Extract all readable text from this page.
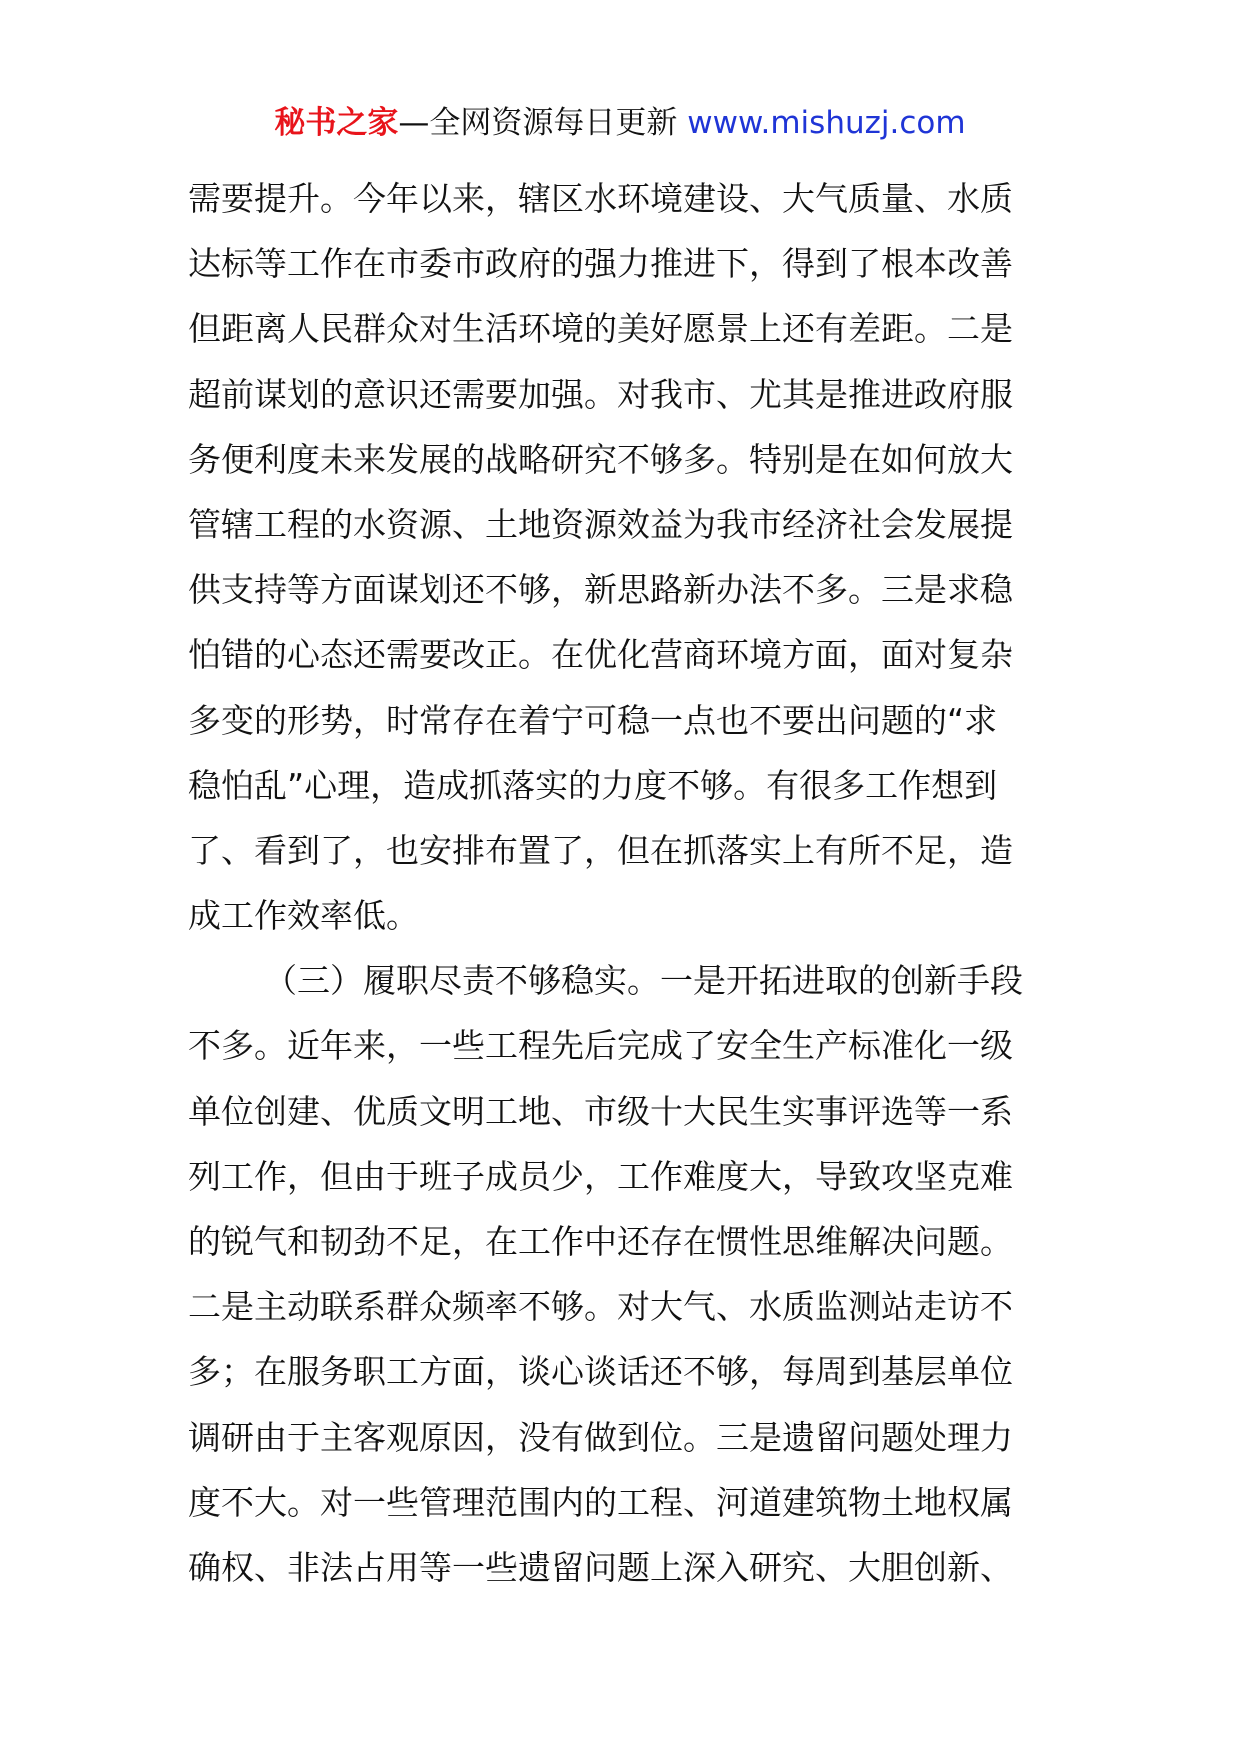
秘书之家—全网资源每日更新 www.mishuzj.com
需要提升。今年以来，辖区水环境建设、大气质量、水质
达标等工作在市委市政府的强力推进下，得到了根本改善
但距离人民群众对生活环境的美好愿景上还有差距。二是
超前谋划的意识还需要加强。对我市、尤其是推进政府服
务便利度未来发展的战略研究不够多。特别是在如何放大
管辖工程的水资源、土地资源效益为我市经济社会发展提
供支持等方面谋划还不够，新思路新办法不多。三是求稳
怕错的心态还需要改正。在优化营商环境方面，面对复杂
多变的形势，时常存在着宁可稳一点也不要出问题的“求
稳怕乱”心理，造成抓落实的力度不够。有很多工作想到
了、看到了，也安排布置了，但在抓落实上有所不足，造
成工作效率低。
（三）履职尽责不够稳实。一是开拓进取的创新手段
不多。近年来，一些工程先后完成了安全生产标准化一级
单位创建、优质文明工地、市级十大民生实事评选等一系
列工作，但由于班子成员少，工作难度大，导致攻坚克难
的锐气和韧劲不足，在工作中还存在惯性思维解决问题。
二是主动联系群众频率不够。对大气、水质监测站走访不
多；在服务职工方面，谈心谈话还不够，每周到基层单位
调研由于主客观原因，没有做到位。三是遗留问题处理力
度不大。对一些管理范围内的工程、河道建筑物土地权属
确权、非法占用等一些遗留问题上深入研究、大胆创新、
